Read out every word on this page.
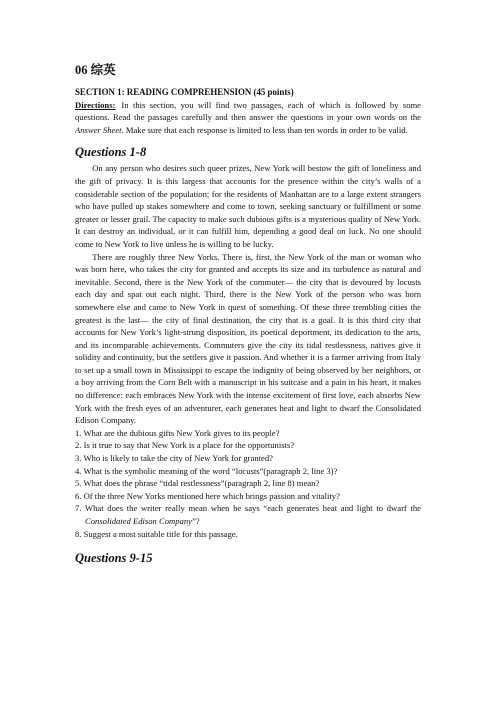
06 综英

SECTION 1: READING COMPREHENSION (45 points)

Directions: In this section, you will find two passages, each of which is followed by some questions. Read the passages carefully and then answer the questions in your own words on the Answer Sheet. Make sure that each response is limited to less than ten words in order to be valid.

Questions 1-8

On any person who desires such queer prizes, New York will bestow the gift of loneliness and the gift of privacy. It is this largess that accounts for the presence within the city’s walls of a considerable section of the population; for the residents of Manhattan are to a large extent strangers who have pulled up stakes somewhere and come to town, seeking sanctuary or fulfillment or some greater or lesser grail. The capacity to make such dubious gifts is a mysterious quality of New York. It can destroy an individual, or it can fulfill him, depending a good deal on luck. No one should come to New York to live unless he is willing to be lucky.

There are roughly three New Yorks. There is, first, the New York of the man or woman who was born here, who takes the city for granted and accepts its size and its turbulence as natural and inevitable. Second, there is the New York of the commuter— the city that is devoured by locusts each day and spat out each night. Third, there is the New York of the person who was born somewhere else and came to New York in quest of something. Of these three trembling cities the greatest is the last— the city of final destination, the city that is a goal. It is this third city that accounts for New York’s light-strung disposition, its poetical deportment, its dedication to the arts, and its incomparable achievements. Commuters give the city its tidal restlessness, natives give it solidity and continuity, but the settlers give it passion. And whether it is a farmer arriving from Italy to set up a small town in Mississippi to escape the indignity of being observed by her neighbors, or a boy arriving from the Corn Belt with a manuscript in his suitcase and a pain in his heart, it makes no difference: each embraces New York with the intense excitement of first love, each absorbs New York with the fresh eyes of an adventurer, each generates heat and light to dwarf the Consolidated Edison Company.

1. What are the dubious gifts New York gives to its people?
2. Is it true to say that New York is a place for the opportunists?
3. Who is likely to take the city of New York for granted?
4. What is the symbolic meaning of the word “locusts”(paragraph 2, line 3)?
5. What does the phrase “tidal restlessness”(paragraph 2, line 8) mean?
6. Of the three New Yorks mentioned here which brings passion and vitality?
7. What does the writer really mean when he says “each generates heat and light to dwarf the Consolidated Edison Company”?
8. Suggest a most suitable title for this passage.
Questions 9-15
